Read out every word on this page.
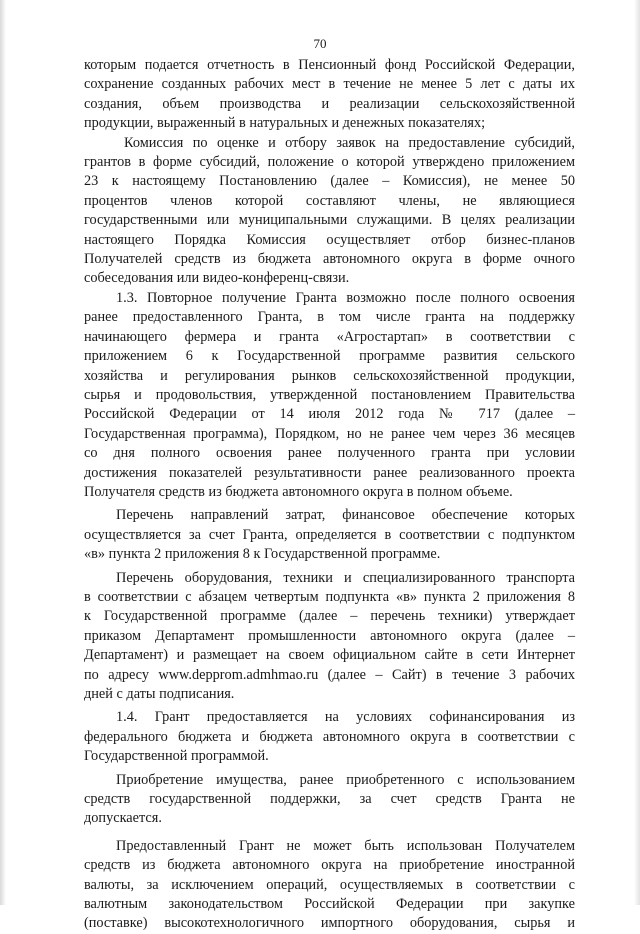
70
которым подается отчетность в Пенсионный фонд Российской Федерации,
сохранение созданных рабочих мест в течение не менее 5 лет с даты их
создания, объем производства и реализации сельскохозяйственной
продукции, выраженный в натуральных и денежных показателях;
Комиссия по оценке и отбору заявок на предоставление субсидий,
грантов в форме субсидий, положение о которой утверждено приложением
23 к настоящему Постановлению (далее – Комиссия), не менее 50
процентов членов которой составляют члены, не являющиеся
государственными или муниципальными служащими. В целях реализации
настоящего Порядка Комиссия осуществляет отбор бизнес-планов
Получателей средств из бюджета автономного округа в форме очного
собеседования или видео-конференц-связи.
1.3. Повторное получение Гранта возможно после полного освоения
ранее предоставленного Гранта, в том числе гранта на поддержку
начинающего фермера и гранта «Агростартап» в соответствии с
приложением 6 к Государственной программе развития сельского
хозяйства и регулирования рынков сельскохозяйственной продукции,
сырья и продовольствия, утвержденной постановлением Правительства
Российской Федерации от 14 июля 2012 года № 717 (далее –
Государственная программа), Порядком, но не ранее чем через 36 месяцев
со дня полного освоения ранее полученного гранта при условии
достижения показателей результативности ранее реализованного проекта
Получателя средств из бюджета автономного округа в полном объеме.
Перечень направлений затрат, финансовое обеспечение которых
осуществляется за счет Гранта, определяется в соответствии с подпунктом
«в» пункта 2 приложения 8 к Государственной программе.
Перечень оборудования, техники и специализированного транспорта
в соответствии с абзацем четвертым подпункта «в» пункта 2 приложения 8
к Государственной программе (далее – перечень техники) утверждает
приказом Департамент промышленности автономного округа (далее –
Департамент) и размещает на своем официальном сайте в сети Интернет
по адресу www.depprom.admhmao.ru (далее – Сайт) в течение 3 рабочих
дней с даты подписания.
1.4. Грант предоставляется на условиях софинансирования из
федерального бюджета и бюджета автономного округа в соответствии с
Государственной программой.
Приобретение имущества, ранее приобретенного с использованием
средств государственной поддержки, за счет средств Гранта не
допускается.
Предоставленный Грант не может быть использован Получателем
средств из бюджета автономного округа на приобретение иностранной
валюты, за исключением операций, осуществляемых в соответствии с
валютным законодательством Российской Федерации при закупке
(поставке) высокотехнологичного импортного оборудования, сырья и
